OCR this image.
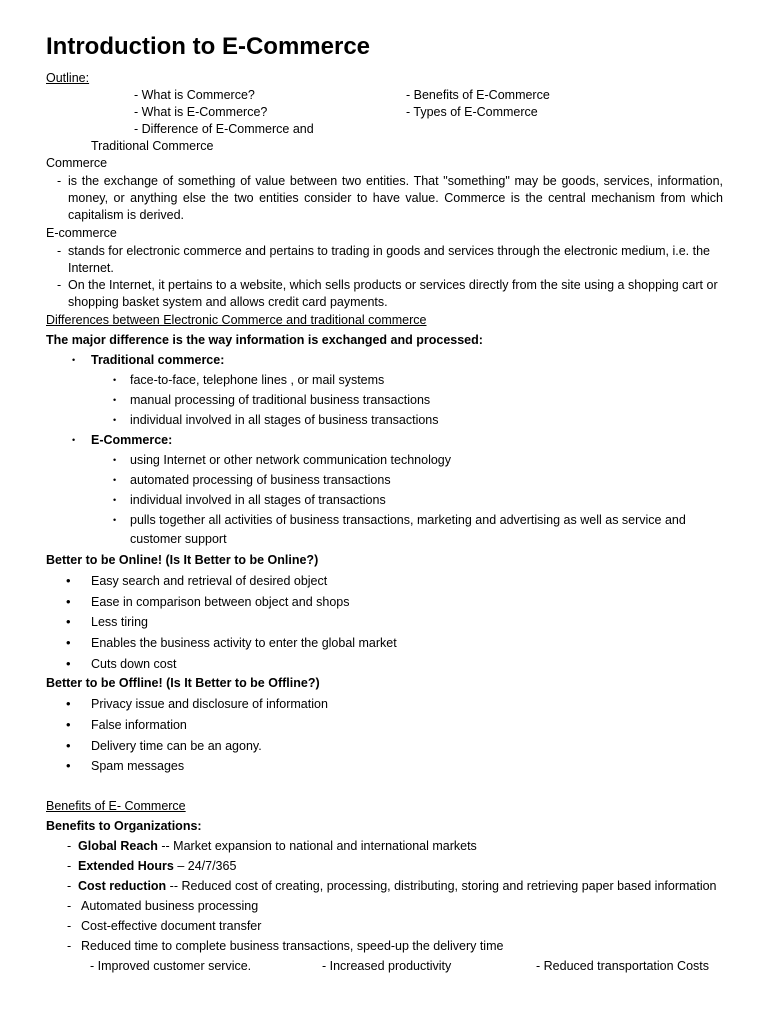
Introduction to E-Commerce
Outline:
- What is Commerce?
- What is E-Commerce?
- Difference of E-Commerce and
Traditional Commerce
- Benefits of E-Commerce
- Types of E-Commerce
Commerce
- is the exchange of something of value between two entities. That "something" may be goods, services, information, money, or anything else the two entities consider to have value. Commerce is the central mechanism from which capitalism is derived.
E-commerce
- stands for electronic commerce and pertains to trading in goods and services through the electronic medium, i.e. the Internet.
- On the Internet, it pertains to a website, which sells products or services directly from the site using a shopping cart or shopping basket system and allows credit card payments.
Differences between Electronic Commerce and traditional commerce
The major difference is the way information is exchanged and processed:
• Traditional commerce:
• face-to-face, telephone lines , or mail systems
• manual processing of traditional business transactions
• individual involved in all stages of business transactions
• E-Commerce:
• using Internet or other network communication technology
• automated processing of business transactions
• individual involved in all stages of transactions
• pulls together all activities of business transactions, marketing and advertising as well as service and
customer support
Better to be Online! (Is It Better to be Online?)
• Easy search and retrieval of desired object
• Ease in comparison between object and shops
• Less tiring
• Enables the business activity to enter the global market
• Cuts down cost
Better to be Offline! (Is It Better to be Offline?)
• Privacy issue and disclosure of information
• False information
• Delivery time can be an agony.
• Spam messages
Benefits of E- Commerce
Benefits to Organizations:
- Global Reach -- Market expansion to national and international markets
- Extended Hours – 24/7/365
- Cost reduction -- Reduced cost of creating, processing, distributing, storing and retrieving paper based information
- Automated business processing
- Cost-effective document transfer
- Reduced time to complete business transactions, speed-up the delivery time
- Improved customer service.	- Increased productivity	- Reduced transportation Costs
